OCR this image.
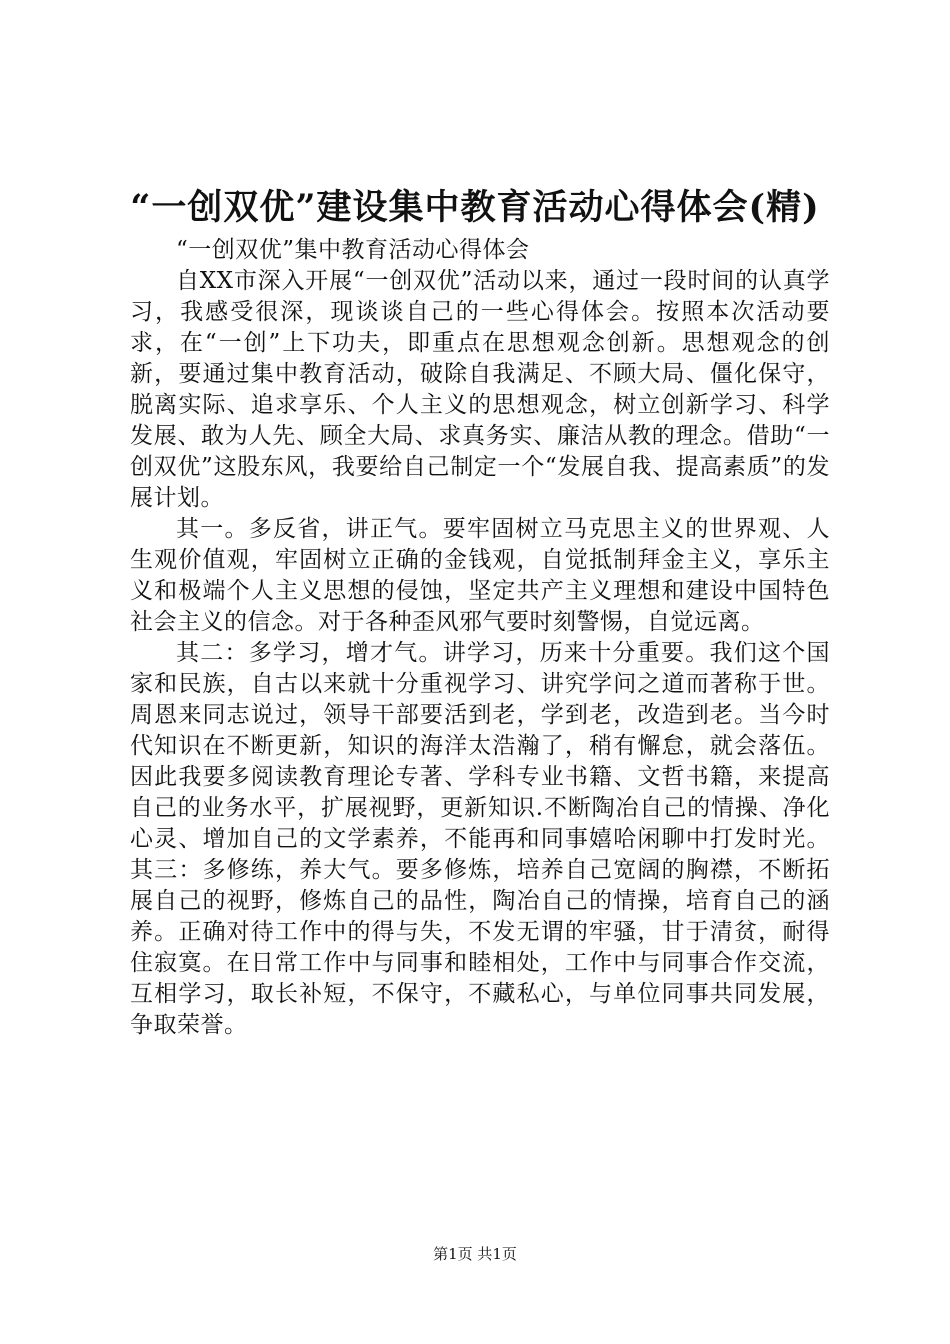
“一创双优”建设集中教育活动心得体会(精)

“一创双优”集中教育活动心得体会

自XX市深入开展“一创双优”活动以来，通过一段时间的认真学习，我感受很深，现谈谈自己的一些心得体会。按照本次活动要求，在“一创”上下功夫，即重点在思想观念创新。思想观念的创新，要通过集中教育活动，破除自我满足、不顾大局、僵化保守，脱离实际、追求享乐、个人主义的思想观念，树立创新学习、科学发展、敢为人先、顾全大局、求真务实、廉洁从教的理念。借助“一创双优”这股东风，我要给自己制定一个“发展自我、提高素质”的发展计划。

其一。多反省，讲正气。要牢固树立马克思主义的世界观、人生观价值观，牢固树立正确的金钱观，自觉抵制拜金主义，享乐主义和极端个人主义思想的侵蚀，坚定共产主义理想和建设中国特色社会主义的信念。对于各种歪风邪气要时刻警惕，自觉远离。

其二：多学习，增才气。讲学习，历来十分重要。我们这个国家和民族，自古以来就十分重视学习、讲究学问之道而著称于世。周恩来同志说过，领导干部要活到老，学到老，改造到老。当今时代知识在不断更新，知识的海洋太浩瀚了，稍有懈怠，就会落伍。因此我要多阅读教育理论专著、学科专业书籍、文哲书籍，来提高自己的业务水平，扩展视野，更新知识.不断陶冶自己的情操、净化心灵、增加自己的文学素养，不能再和同事嬉哈闲聊中打发时光。其三：多修练，养大气。要多修炼，培养自己宽阔的胸襟，不断拓展自己的视野，修炼自己的品性，陶冶自己的情操，培育自己的涵养。正确对待工作中的得与失，不发无谓的牢骚，甘于清贫，耐得住寂寞。在日常工作中与同事和睦相处，工作中与同事合作交流，互相学习，取长补短，不保守，不藏私心，与单位同事共同发展，争取荣誉。

第1页 共1页
